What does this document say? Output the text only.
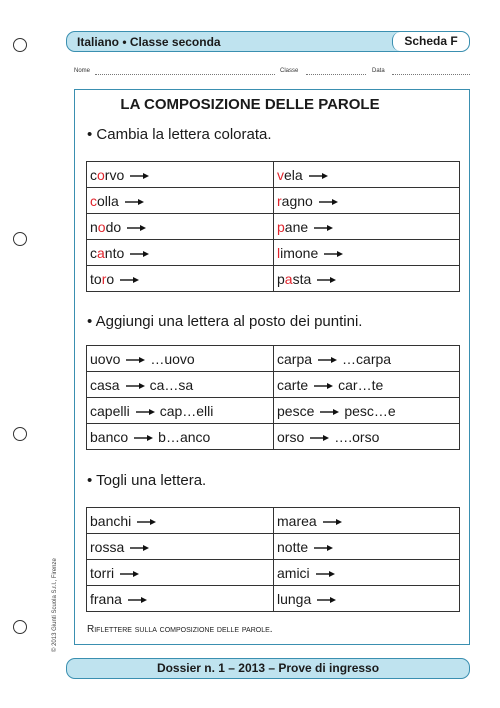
Italiano • Classe seconda	Scheda F
Nome	Classe	Data
LA COMPOSIZIONE DELLE PAROLE
• Cambia la lettera colorata.
corvo	vela
colla	ragno
nodo	pane
canto	limone
toro	pasta
• Aggiungi una lettera al posto dei puntini.
uovo …uovo	carpa …carpa
casa ca…sa	carte car…te
capelli cap…elli	pesce pesc…e
banco b…anco	orso ….orso
• Togli una lettera.
banchi	marea
rossa	notte
torri	amici
frana	lunga
Riflettere sulla composizione delle parole.
© 2013 Giunti Scuola S.r.l., Firenze
Dossier n. 1 – 2013 – Prove di ingresso
